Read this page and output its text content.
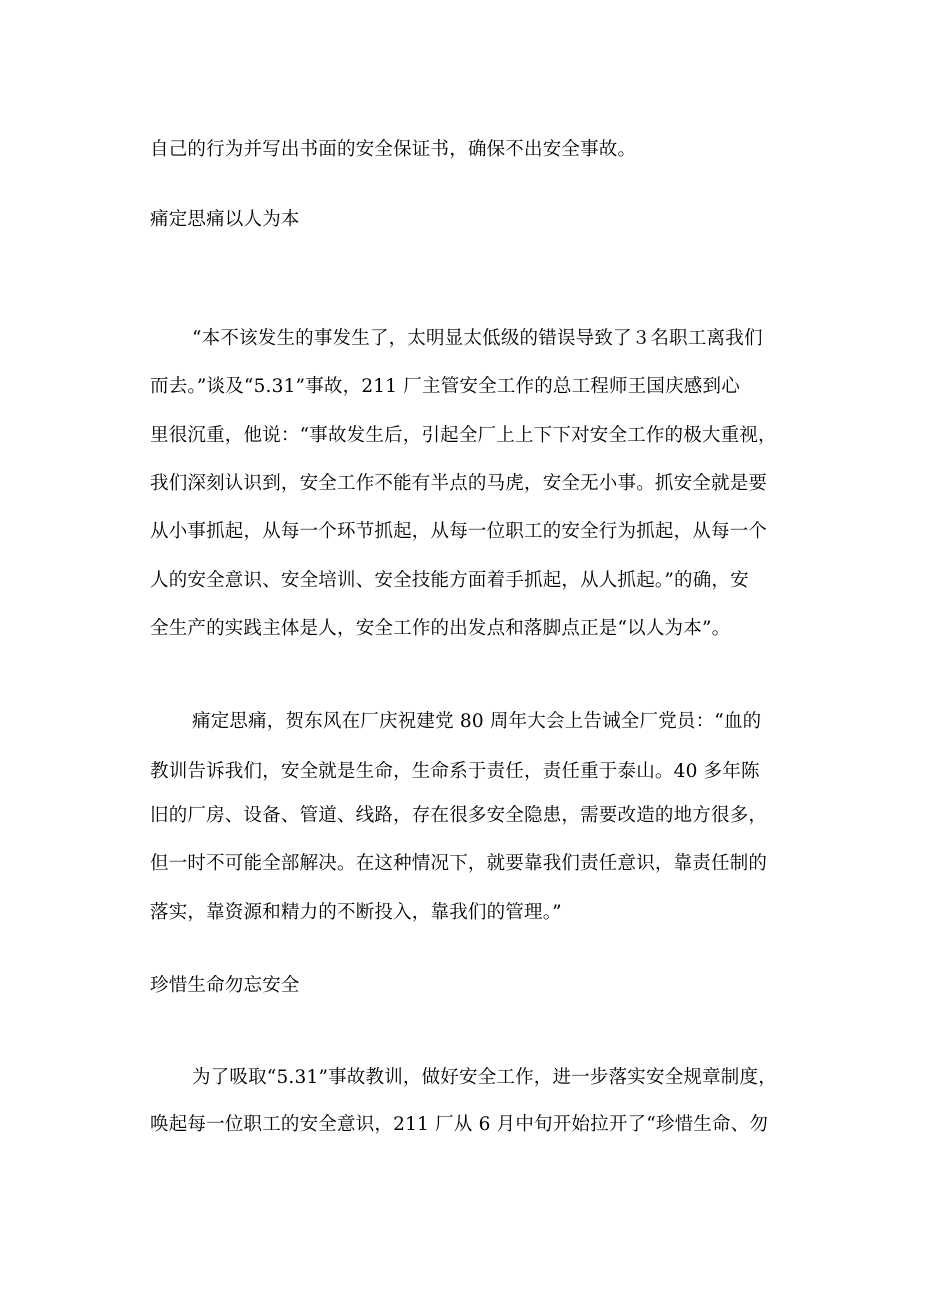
自己的行为并写出书面的安全保证书，确保不出安全事故。
痛定思痛以人为本
“本不该发生的事发生了，太明显太低级的错误导致了３名职工离我们
而去。”谈及“5.31”事故，211 厂主管安全工作的总工程师王国庆感到心
里很沉重，他说：“事故发生后，引起全厂上上下下对安全工作的极大重视，
我们深刻认识到，安全工作不能有半点的马虎，安全无小事。抓安全就是要
从小事抓起，从每一个环节抓起，从每一位职工的安全行为抓起，从每一个
人的安全意识、安全培训、安全技能方面着手抓起，从人抓起。”的确，安
全生产的实践主体是人，安全工作的出发点和落脚点正是“以人为本”。
痛定思痛，贺东风在厂庆祝建党 80 周年大会上告诫全厂党员：“血的
教训告诉我们，安全就是生命，生命系于责任，责任重于泰山。40 多年陈
旧的厂房、设备、管道、线路，存在很多安全隐患，需要改造的地方很多，
但一时不可能全部解决。在这种情况下，就要靠我们责任意识，靠责任制的
落实，靠资源和精力的不断投入，靠我们的管理。”
珍惜生命勿忘安全
为了吸取“5.31”事故教训，做好安全工作，进一步落实安全规章制度，
唤起每一位职工的安全意识，211 厂从 6 月中旬开始拉开了“珍惜生命、勿
